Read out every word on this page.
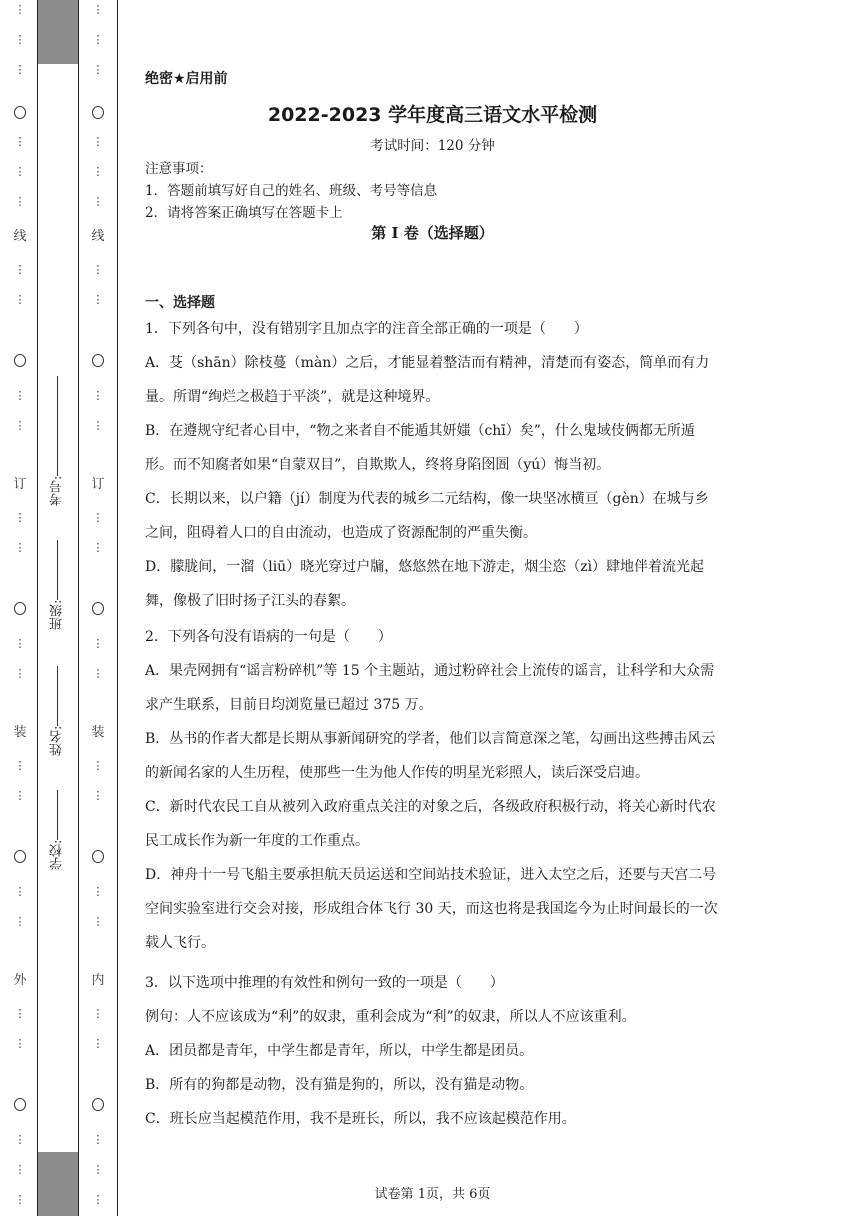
⋮
⋮
⋮
⋮
⋮
⋮
线
⋮
⋮
⋮
⋮
订
⋮
⋮
⋮
⋮
装
⋮
⋮
⋮
⋮
外
⋮
⋮
⋮
⋮
⋮
⋮
⋮
⋮
⋮
⋮
⋮
线
⋮
⋮
⋮
⋮
订
⋮
⋮
⋮
⋮
装
⋮
⋮
⋮
⋮
内
⋮
⋮
⋮
⋮
⋮
考号:
班级:
姓名:
学校:
绝密★启用前
2022-2023 学年度高三语文水平检测
考试时间：120 分钟
注意事项：
1．答题前填写好自己的姓名、班级、考号等信息
2．请将答案正确填写在答题卡上
第 I 卷（选择题）
一、选择题
1．下列各句中，没有错别字且加点字的注音全部正确的一项是（　　）
A．芟（shān）除枝蔓（màn）之后，才能显着整洁而有精神，清楚而有姿态，简单而有力量。所谓“绚烂之极趋于平淡”，就是这种境界。
B．在遵规守纪者心目中，“物之来者自不能遁其妍媸（chī）矣”，什么鬼域伎俩都无所遁形。而不知腐者如果“自蒙双目”，自欺欺人，终将身陷囹圄（yú）悔当初。
C．长期以来，以户籍（jí）制度为代表的城乡二元结构，像一块坚冰横亘（gèn）在城与乡之间，阻碍着人口的自由流动，也造成了资源配制的严重失衡。
D．朦胧间，一溜（liū）晓光穿过户牖，悠悠然在地下游走，烟尘恣（zì）肆地伴着流光起舞，像极了旧时扬子江头的春絮。
2．下列各句没有语病的一句是（　　）
A．果壳网拥有“谣言粉碎机”等 15 个主题站，通过粉碎社会上流传的谣言，让科学和大众需求产生联系，目前日均浏览量已超过 375 万。
B．丛书的作者大都是长期从事新闻研究的学者，他们以言简意深之笔，勾画出这些搏击风云的新闻名家的人生历程，使那些一生为他人作传的明星光彩照人，读后深受启迪。
C．新时代农民工自从被列入政府重点关注的对象之后，各级政府积极行动，将关心新时代农民工成长作为新一年度的工作重点。
D．神舟十一号飞船主要承担航天员运送和空间站技术验证，进入太空之后，还要与天宫二号空间实验室进行交会对接，形成组合体飞行 30 天，而这也将是我国迄今为止时间最长的一次载人飞行。
3．以下选项中推理的有效性和例句一致的一项是（　　）
例句：人不应该成为“利”的奴隶，重利会成为“利”的奴隶，所以人不应该重利。
A．团员都是青年，中学生都是青年，所以，中学生都是团员。
B．所有的狗都是动物，没有猫是狗的，所以，没有猫是动物。
C．班长应当起模范作用，我不是班长，所以，我不应该起模范作用。
试卷第 1页，共 6页
